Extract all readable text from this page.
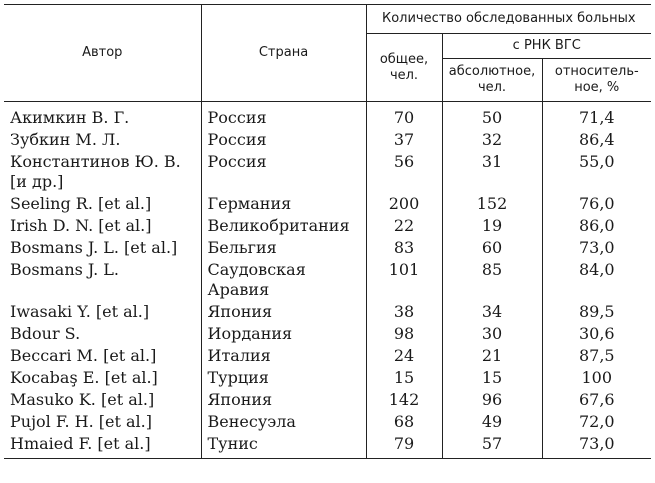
Автор	Страна	Количество обследованных больных		
		общее, чел.	с РНК ВГС	
			абсолютное, чел.	относитель-ное, %
Акимкин В. Г.	Россия	70	50	71,4
Зубкин М. Л.	Россия	37	32	86,4
Константинов Ю. В. [и др.]	Россия	56	31	55,0
Seeling R. [et al.]	Германия	200	152	76,0
Irish D. N. [et al.]	Великобритания	22	19	86,0
Bosmans J. L. [et al.]	Бельгия	83	60	73,0
Bosmans J. L.	Саудовская Аравия	101	85	84,0
Iwasaki Y. [et al.]	Япония	38	34	89,5
Bdour S.	Иордания	98	30	30,6
Beccari M. [et al.]	Италия	24	21	87,5
Kocabaş E. [et al.]	Турция	15	15	100
Masuko K. [et al.]	Япония	142	96	67,6
Pujol F. H. [et al.]	Венесуэла	68	49	72,0
Hmaied F. [et al.]	Тунис	79	57	73,0
